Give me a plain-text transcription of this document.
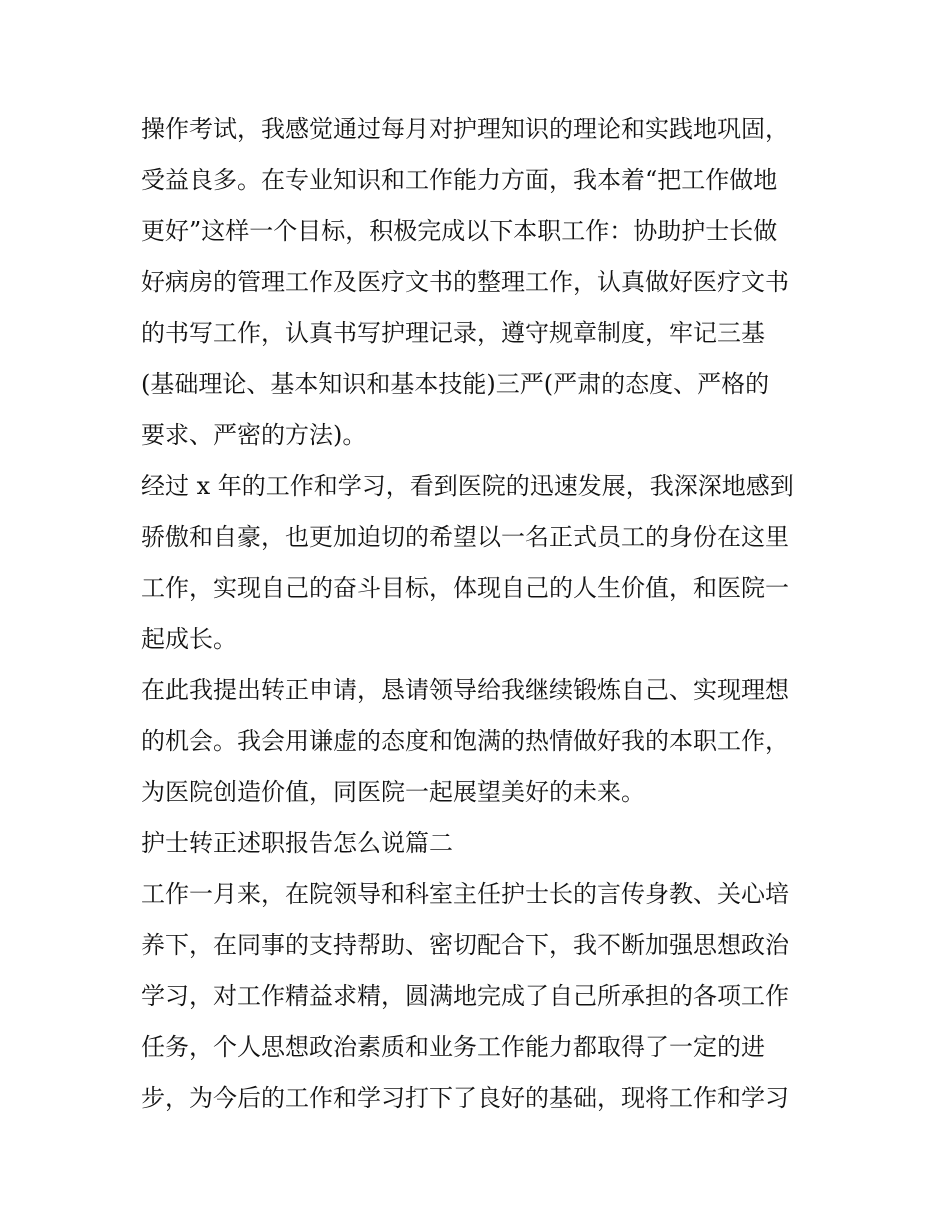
操作考试，我感觉通过每月对护理知识的理论和实践地巩固，
受益良多。在专业知识和工作能力方面，我本着“把工作做地
更好”这样一个目标，积极完成以下本职工作：协助护士长做
好病房的管理工作及医疗文书的整理工作，认真做好医疗文书
的书写工作，认真书写护理记录，遵守规章制度，牢记三基
(基础理论、基本知识和基本技能)三严(严肃的态度、严格的
要求、严密的方法)。
经过 x 年的工作和学习，看到医院的迅速发展，我深深地感到
骄傲和自豪，也更加迫切的希望以一名正式员工的身份在这里
工作，实现自己的奋斗目标，体现自己的人生价值，和医院一
起成长。
在此我提出转正申请，恳请领导给我继续锻炼自己、实现理想
的机会。我会用谦虚的态度和饱满的热情做好我的本职工作，
为医院创造价值，同医院一起展望美好的未来。
护士转正述职报告怎么说篇二
工作一月来，在院领导和科室主任护士长的言传身教、关心培
养下，在同事的支持帮助、密切配合下，我不断加强思想政治
学习，对工作精益求精，圆满地完成了自己所承担的各项工作
任务，个人思想政治素质和业务工作能力都取得了一定的进
步，为今后的工作和学习打下了良好的基础，现将工作和学习
